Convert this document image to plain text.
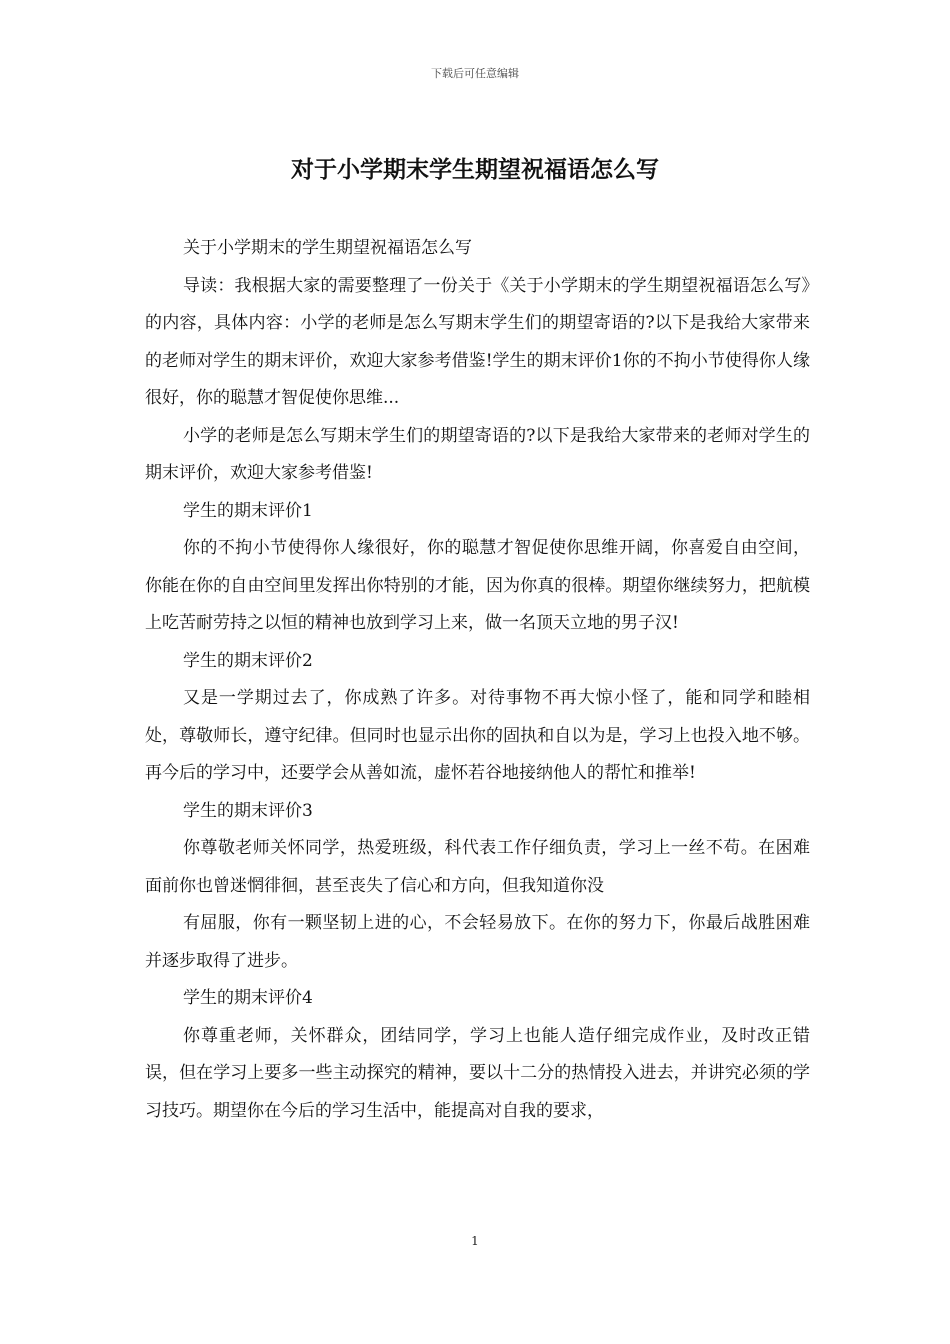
下载后可任意编辑
对于小学期末学生期望祝福语怎么写

关于小学期末的学生期望祝福语怎么写

导读：我根据大家的需要整理了一份关于《关于小学期末的学生期望祝福语怎么写》的内容，具体内容：小学的老师是怎么写期末学生们的期望寄语的?以下是我给大家带来的老师对学生的期末评价，欢迎大家参考借鉴!学生的期末评价1你的不拘小节使得你人缘很好，你的聪慧才智促使你思维...

小学的老师是怎么写期末学生们的期望寄语的?以下是我给大家带来的老师对学生的期末评价，欢迎大家参考借鉴!

学生的期末评价1

你的不拘小节使得你人缘很好，你的聪慧才智促使你思维开阔，你喜爱自由空间，你能在你的自由空间里发挥出你特别的才能，因为你真的很棒。期望你继续努力，把航模上吃苦耐劳持之以恒的精神也放到学习上来，做一名顶天立地的男子汉!

学生的期末评价2

又是一学期过去了，你成熟了许多。对待事物不再大惊小怪了，能和同学和睦相处，尊敬师长，遵守纪律。但同时也显示出你的固执和自以为是，学习上也投入地不够。再今后的学习中，还要学会从善如流，虚怀若谷地接纳他人的帮忙和推举!

学生的期末评价3

你尊敬老师关怀同学，热爱班级，科代表工作仔细负责，学习上一丝不苟。在困难面前你也曾迷惘徘徊，甚至丧失了信心和方向，但我知道你没

有屈服，你有一颗坚韧上进的心，不会轻易放下。在你的努力下，你最后战胜困难并逐步取得了进步。

学生的期末评价4

你尊重老师，关怀群众，团结同学，学习上也能人造仔细完成作业，及时改正错误，但在学习上要多一些主动探究的精神，要以十二分的热情投入进去，并讲究必须的学习技巧。期望你在今后的学习生活中，能提高对自我的要求，

1
